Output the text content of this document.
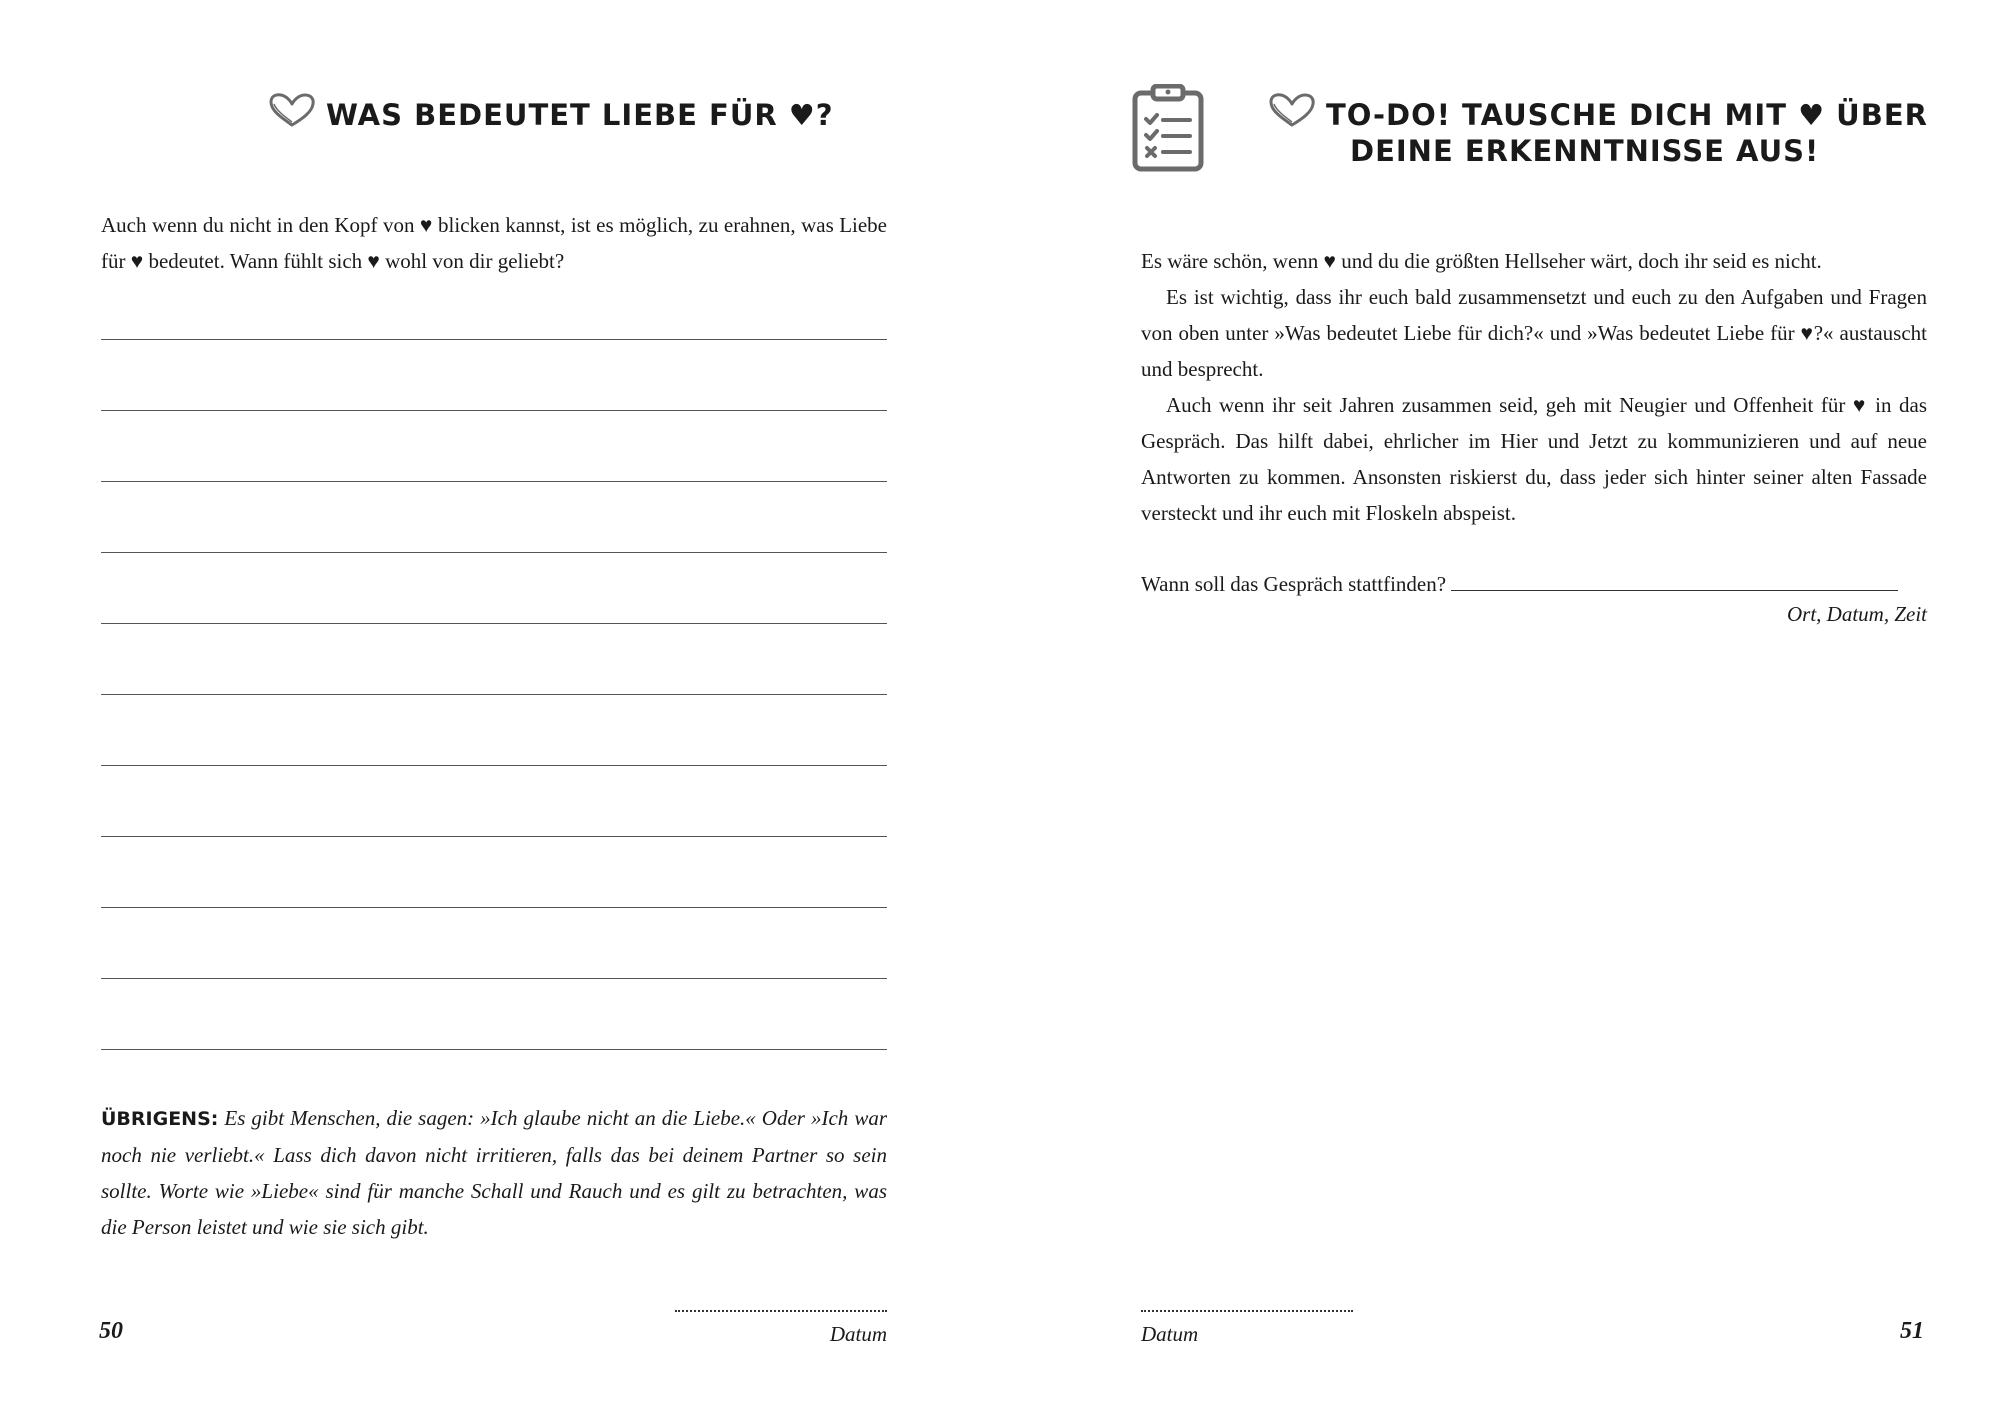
WAS BEDEUTET LIEBE FÜR ♥?

Auch wenn du nicht in den Kopf von ♥ blicken kannst, ist es möglich, zu erahnen, was Liebe für ♥ bedeutet. Wann fühlt sich ♥ wohl von dir geliebt?

ÜBRIGENS: Es gibt Menschen, die sagen: »Ich glaube nicht an die Liebe.« Oder »Ich war noch nie verliebt.« Lass dich davon nicht irritieren, falls das bei deinem Partner so sein sollte. Worte wie »Liebe« sind für manche Schall und Rauch und es gilt zu betrachten, was die Person leistet und wie sie sich gibt.
Datum
50
TO-DO! TAUSCHE DICH MIT ♥ ÜBER
DEINE ERKENNTNISSE AUS!

Es wäre schön, wenn ♥ und du die größten Hellseher wärt, doch ihr seid es nicht.

Es ist wichtig, dass ihr euch bald zusammensetzt und euch zu den Aufgaben und Fragen von oben unter »Was bedeutet Liebe für dich?« und »Was bedeutet Liebe für ♥?« austauscht und besprecht.

Auch wenn ihr seit Jahren zusammen seid, geh mit Neugier und Offenheit für ♥ in das Gespräch. Das hilft dabei, ehrlicher im Hier und Jetzt zu kommunizieren und auf neue Antworten zu kommen. Ansonsten riskierst du, dass jeder sich hinter seiner alten Fassade versteckt und ihr euch mit Floskeln abspeist.

Wann soll das Gespräch stattfinden?
Ort, Datum, Zeit
Datum	51
